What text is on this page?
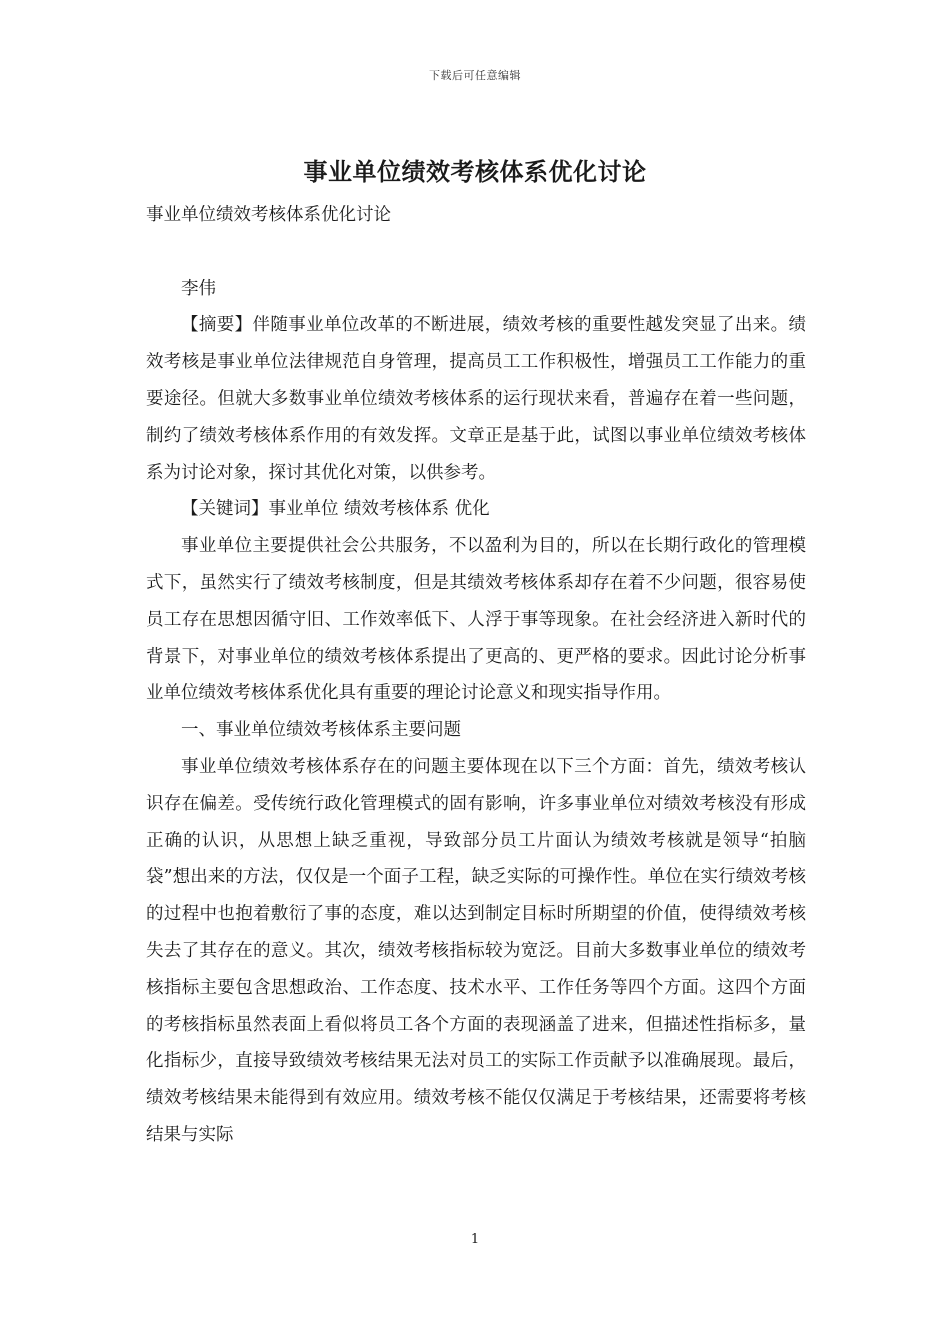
下载后可任意编辑
事业单位绩效考核体系优化讨论

事业单位绩效考核体系优化讨论

李伟

【摘要】伴随事业单位改革的不断进展，绩效考核的重要性越发突显了出来。绩效考核是事业单位法律规范自身管理，提高员工工作积极性，增强员工工作能力的重要途径。但就大多数事业单位绩效考核体系的运行现状来看，普遍存在着一些问题，制约了绩效考核体系作用的有效发挥。文章正是基于此，试图以事业单位绩效考核体系为讨论对象，探讨其优化对策，以供参考。

【关键词】事业单位 绩效考核体系 优化

事业单位主要提供社会公共服务，不以盈利为目的，所以在长期行政化的管理模式下，虽然实行了绩效考核制度，但是其绩效考核体系却存在着不少问题，很容易使员工存在思想因循守旧、工作效率低下、人浮于事等现象。在社会经济进入新时代的背景下，对事业单位的绩效考核体系提出了更高的、更严格的要求。因此讨论分析事业单位绩效考核体系优化具有重要的理论讨论意义和现实指导作用。

一、事业单位绩效考核体系主要问题

事业单位绩效考核体系存在的问题主要体现在以下三个方面：首先，绩效考核认识存在偏差。受传统行政化管理模式的固有影响，许多事业单位对绩效考核没有形成正确的认识，从思想上缺乏重视，导致部分员工片面认为绩效考核就是领导“拍脑袋”想出来的方法，仅仅是一个面子工程，缺乏实际的可操作性。单位在实行绩效考核的过程中也抱着敷衍了事的态度，难以达到制定目标时所期望的价值，使得绩效考核失去了其存在的意义。其次，绩效考核指标较为宽泛。目前大多数事业单位的绩效考核指标主要包含思想政治、工作态度、技术水平、工作任务等四个方面。这四个方面的考核指标虽然表面上看似将员工各个方面的表现涵盖了进来，但描述性指标多，量化指标少，直接导致绩效考核结果无法对员工的实际工作贡献予以准确展现。最后，绩效考核结果未能得到有效应用。绩效考核不能仅仅满足于考核结果，还需要将考核结果与实际

1
